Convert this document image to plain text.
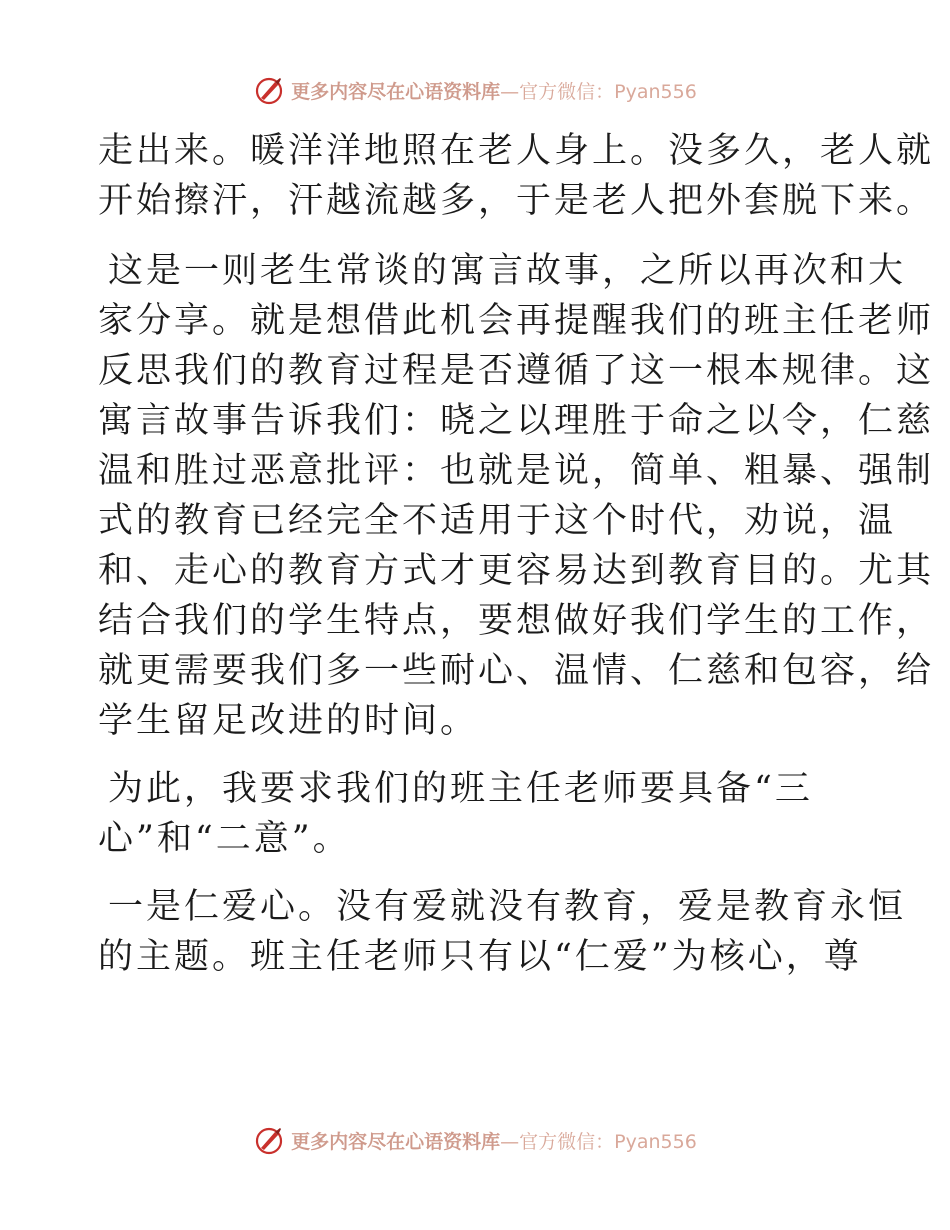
更多内容尽在心语资料库—官方微信：Pyan556
走出来。暖洋洋地照在老人身上。没多久，老人就
开始擦汗，汗越流越多，于是老人把外套脱下来。
这是一则老生常谈的寓言故事，之所以再次和大
家分享。就是想借此机会再提醒我们的班主任老师
反思我们的教育过程是否遵循了这一根本规律。这
寓言故事告诉我们：晓之以理胜于命之以令，仁慈
温和胜过恶意批评：也就是说，简单、粗暴、强制
式的教育已经完全不适用于这个时代，劝说，温
和、走心的教育方式才更容易达到教育目的。尤其
结合我们的学生特点，要想做好我们学生的工作，
就更需要我们多一些耐心、温情、仁慈和包容，给
学生留足改进的时间。
为此，我要求我们的班主任老师要具备“三
心”和“二意”。
一是仁爱心。没有爱就没有教育，爱是教育永恒
的主题。班主任老师只有以“仁爱”为核心，尊
更多内容尽在心语资料库—官方微信：Pyan556
